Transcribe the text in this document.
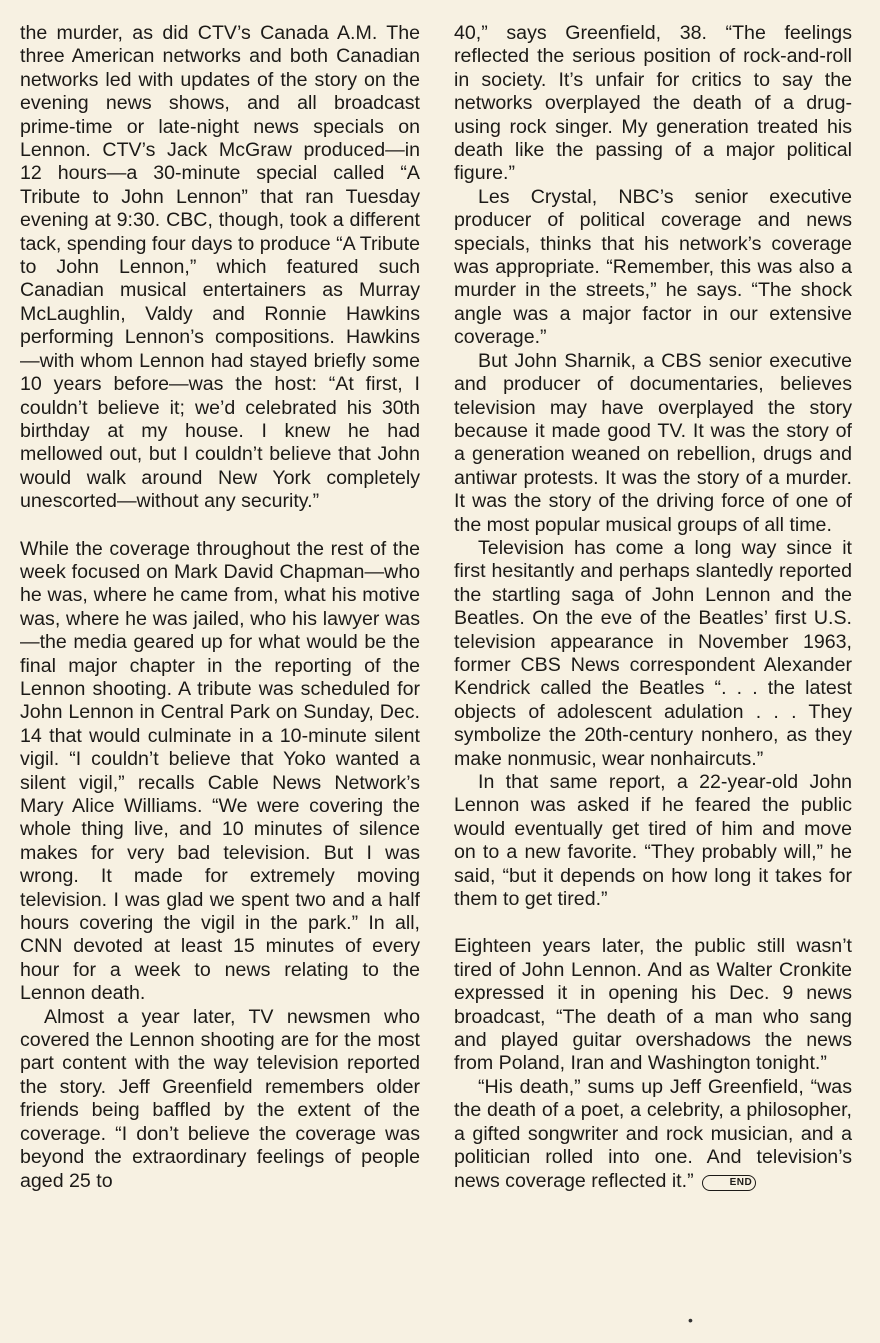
the murder, as did CTV’s Canada A.M. The three American networks and both Canadian networks led with updates of the story on the evening news shows, and all broadcast prime-time or late-night news specials on Lennon. CTV’s Jack McGraw produced—in 12 hours—a 30-minute special called “A Tribute to John Lennon” that ran Tuesday evening at 9:30. CBC, though, took a different tack, spending four days to produce “A Tribute to John Lennon,” which featured such Canadian musical entertainers as Murray McLaughlin, Valdy and Ronnie Hawkins performing Lennon’s compositions. Hawkins—with whom Lennon had stayed briefly some 10 years before—was the host: “At first, I couldn’t believe it; we’d celebrated his 30th birthday at my house. I knew he had mellowed out, but I couldn’t believe that John would walk around New York completely unescorted—without any security.”

While the coverage throughout the rest of the week focused on Mark David Chapman—who he was, where he came from, what his motive was, where he was jailed, who his lawyer was—the media geared up for what would be the final major chapter in the reporting of the Lennon shooting. A tribute was scheduled for John Lennon in Central Park on Sunday, Dec. 14 that would culminate in a 10-minute silent vigil. “I couldn’t believe that Yoko wanted a silent vigil,” recalls Cable News Network’s Mary Alice Williams. “We were covering the whole thing live, and 10 minutes of silence makes for very bad television. But I was wrong. It made for extremely moving television. I was glad we spent two and a half hours covering the vigil in the park.” In all, CNN devoted at least 15 minutes of every hour for a week to news relating to the Lennon death.

Almost a year later, TV newsmen who covered the Lennon shooting are for the most part content with the way television reported the story. Jeff Greenfield remembers older friends being baffled by the extent of the coverage. “I don’t believe the coverage was beyond the extraordinary feelings of people aged 25 to

40,” says Greenfield, 38. “The feelings reflected the serious position of rock-and-roll in society. It’s unfair for critics to say the networks overplayed the death of a drug-using rock singer. My generation treated his death like the passing of a major political figure.”

Les Crystal, NBC’s senior executive producer of political coverage and news specials, thinks that his network’s coverage was appropriate. “Remember, this was also a murder in the streets,” he says. “The shock angle was a major factor in our extensive coverage.”

But John Sharnik, a CBS senior executive and producer of documentaries, believes television may have overplayed the story because it made good TV. It was the story of a generation weaned on rebellion, drugs and antiwar protests. It was the story of a murder. It was the story of the driving force of one of the most popular musical groups of all time.

Television has come a long way since it first hesitantly and perhaps slantedly reported the startling saga of John Lennon and the Beatles. On the eve of the Beatles’ first U.S. television appearance in November 1963, former CBS News correspondent Alexander Kendrick called the Beatles “. . . the latest objects of adolescent adulation . . . They symbolize the 20th-century nonhero, as they make nonmusic, wear nonhaircuts.”

In that same report, a 22-year-old John Lennon was asked if he feared the public would eventually get tired of him and move on to a new favorite. “They probably will,” he said, “but it depends on how long it takes for them to get tired.”

Eighteen years later, the public still wasn’t tired of John Lennon. And as Walter Cronkite expressed it in opening his Dec. 9 news broadcast, “The death of a man who sang and played guitar overshadows the news from Poland, Iran and Washington tonight.”

“His death,” sums up Jeff Greenfield, “was the death of a poet, a celebrity, a philosopher, a gifted songwriter and rock musician, and a politician rolled into one. And television’s news coverage reflected it.”	END

•
